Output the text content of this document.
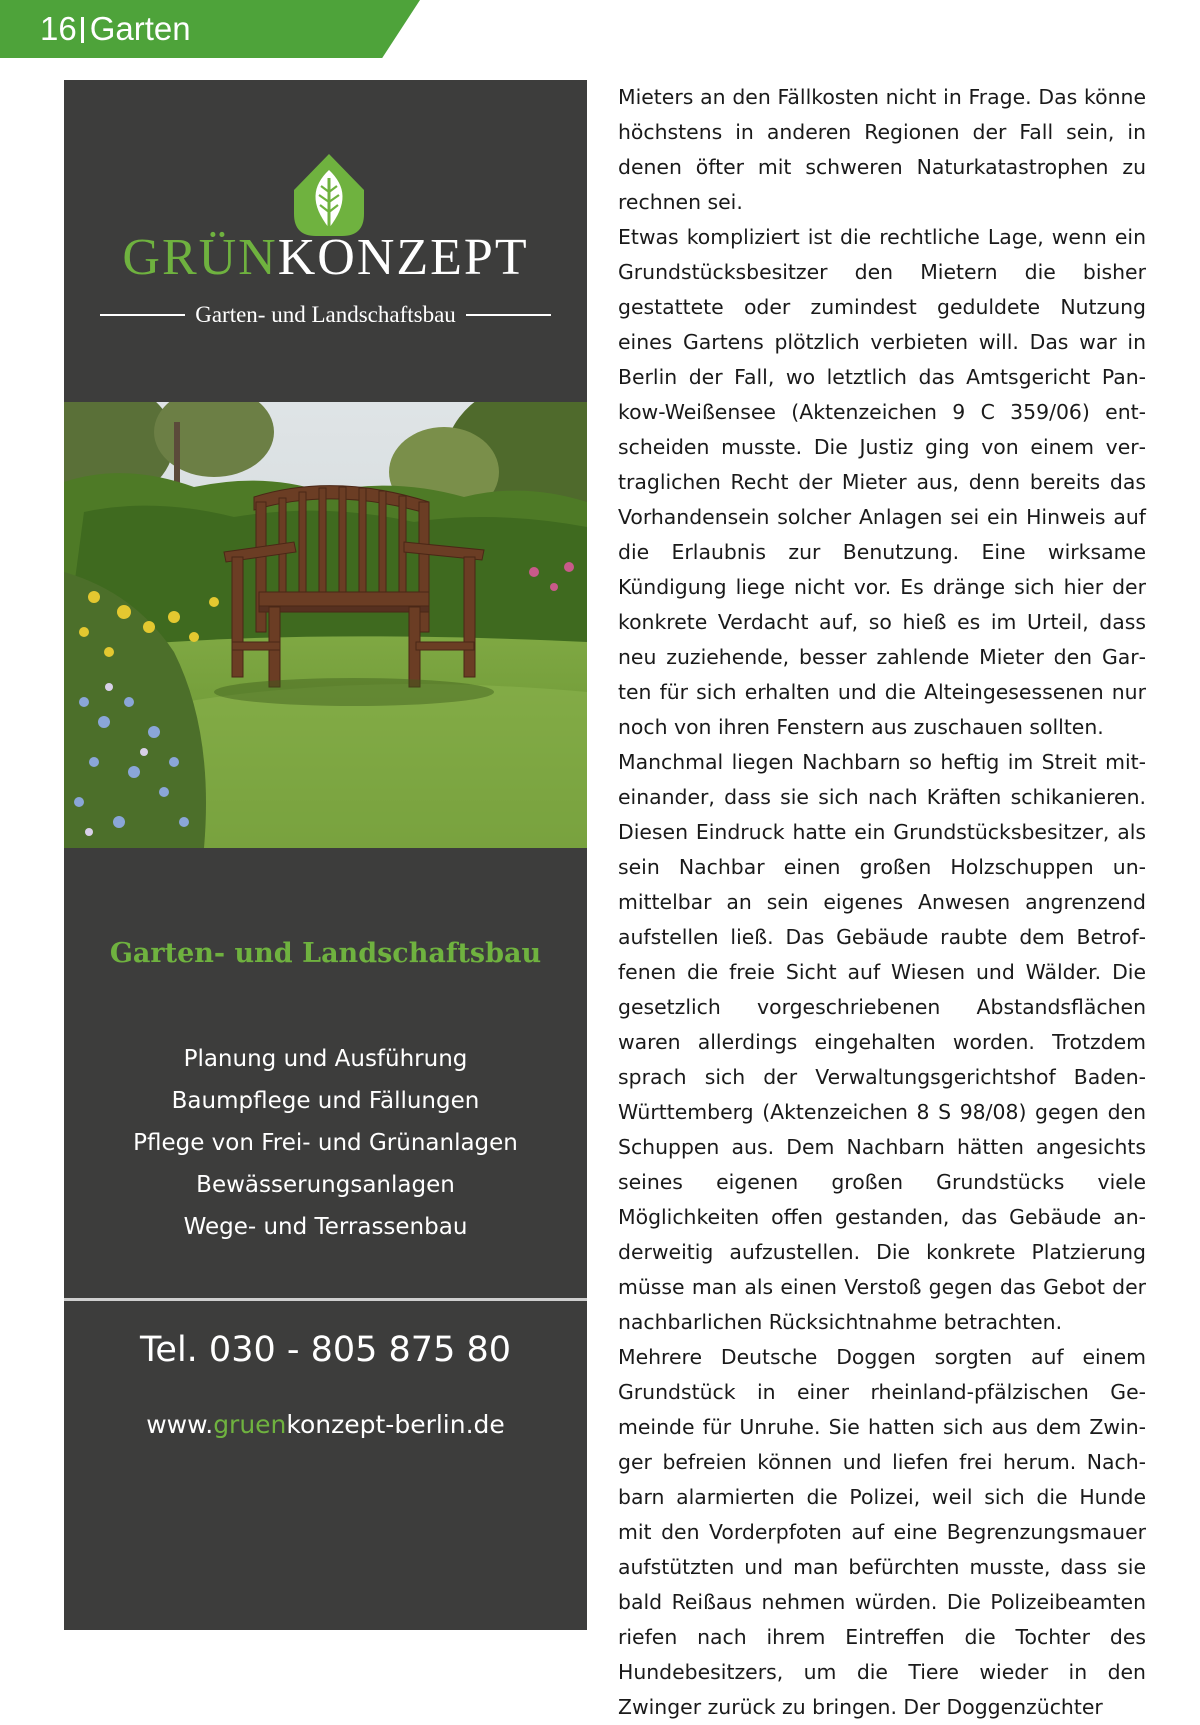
16 Garten
GRÜNKONZEPT
Garten- und Landschaftsbau
Garten- und Landschaftsbau
Planung und Ausführung
Baumpflege und Fällungen
Pflege von Frei- und Grünanlagen
Bewässerungsanlagen
Wege- und Terrassenbau
Tel. 030 - 805 875 80
www.gruenkonzept-berlin.de

Mieters an den Fällkosten nicht in Frage. Das könne höchstens in anderen Regionen der Fall sein, in denen öfter mit schweren Naturkatastrophen zu rechnen sei.

Etwas kompliziert ist die rechtliche Lage, wenn ein Grundstücksbesitzer den Mietern die bisher gestattete oder zumindest geduldete Nutzung eines Gartens plötzlich verbieten will. Das war in Berlin der Fall, wo letztlich das Amtsgericht Pankow-Weißensee (Aktenzeichen 9 C 359/06) entscheiden musste. Die Justiz ging von einem vertraglichen Recht der Mieter aus, denn bereits das Vorhandensein solcher Anlagen sei ein Hinweis auf die Erlaubnis zur Benutzung. Eine wirksame Kündigung liege nicht vor. Es dränge sich hier der konkrete Verdacht auf, so hieß es im Urteil, dass neu zuziehende, besser zahlende Mieter den Garten für sich erhalten und die Alteingesessenen nur noch von ihren Fenstern aus zuschauen sollten.

Manchmal liegen Nachbarn so heftig im Streit miteinander, dass sie sich nach Kräften schikanieren. Diesen Eindruck hatte ein Grundstücksbesitzer, als sein Nachbar einen großen Holzschuppen unmittelbar an sein eigenes Anwesen angrenzend aufstellen ließ. Das Gebäude raubte dem Betroffenen die freie Sicht auf Wiesen und Wälder. Die gesetzlich vorgeschriebenen Abstandsflächen waren allerdings eingehalten worden. Trotzdem sprach sich der Verwaltungsgerichtshof Baden-Württemberg (Aktenzeichen 8 S 98/08) gegen den Schuppen aus. Dem Nachbarn hätten angesichts seines eigenen großen Grundstücks viele Möglichkeiten offen gestanden, das Gebäude anderweitig aufzustellen. Die konkrete Platzierung müsse man als einen Verstoß gegen das Gebot der nachbarlichen Rücksichtnahme betrachten.

Mehrere Deutsche Doggen sorgten auf einem Grundstück in einer rheinland-pfälzischen Gemeinde für Unruhe. Sie hatten sich aus dem Zwinger befreien können und liefen frei herum. Nachbarn alarmierten die Polizei, weil sich die Hunde mit den Vorderpfoten auf eine Begrenzungsmauer aufstützten und man befürchten musste, dass sie bald Reißaus nehmen würden. Die Polizeibeamten riefen nach ihrem Eintreffen die Tochter des Hundebesitzers, um die Tiere wieder in den Zwinger zurück zu bringen. Der Doggenzüchter
